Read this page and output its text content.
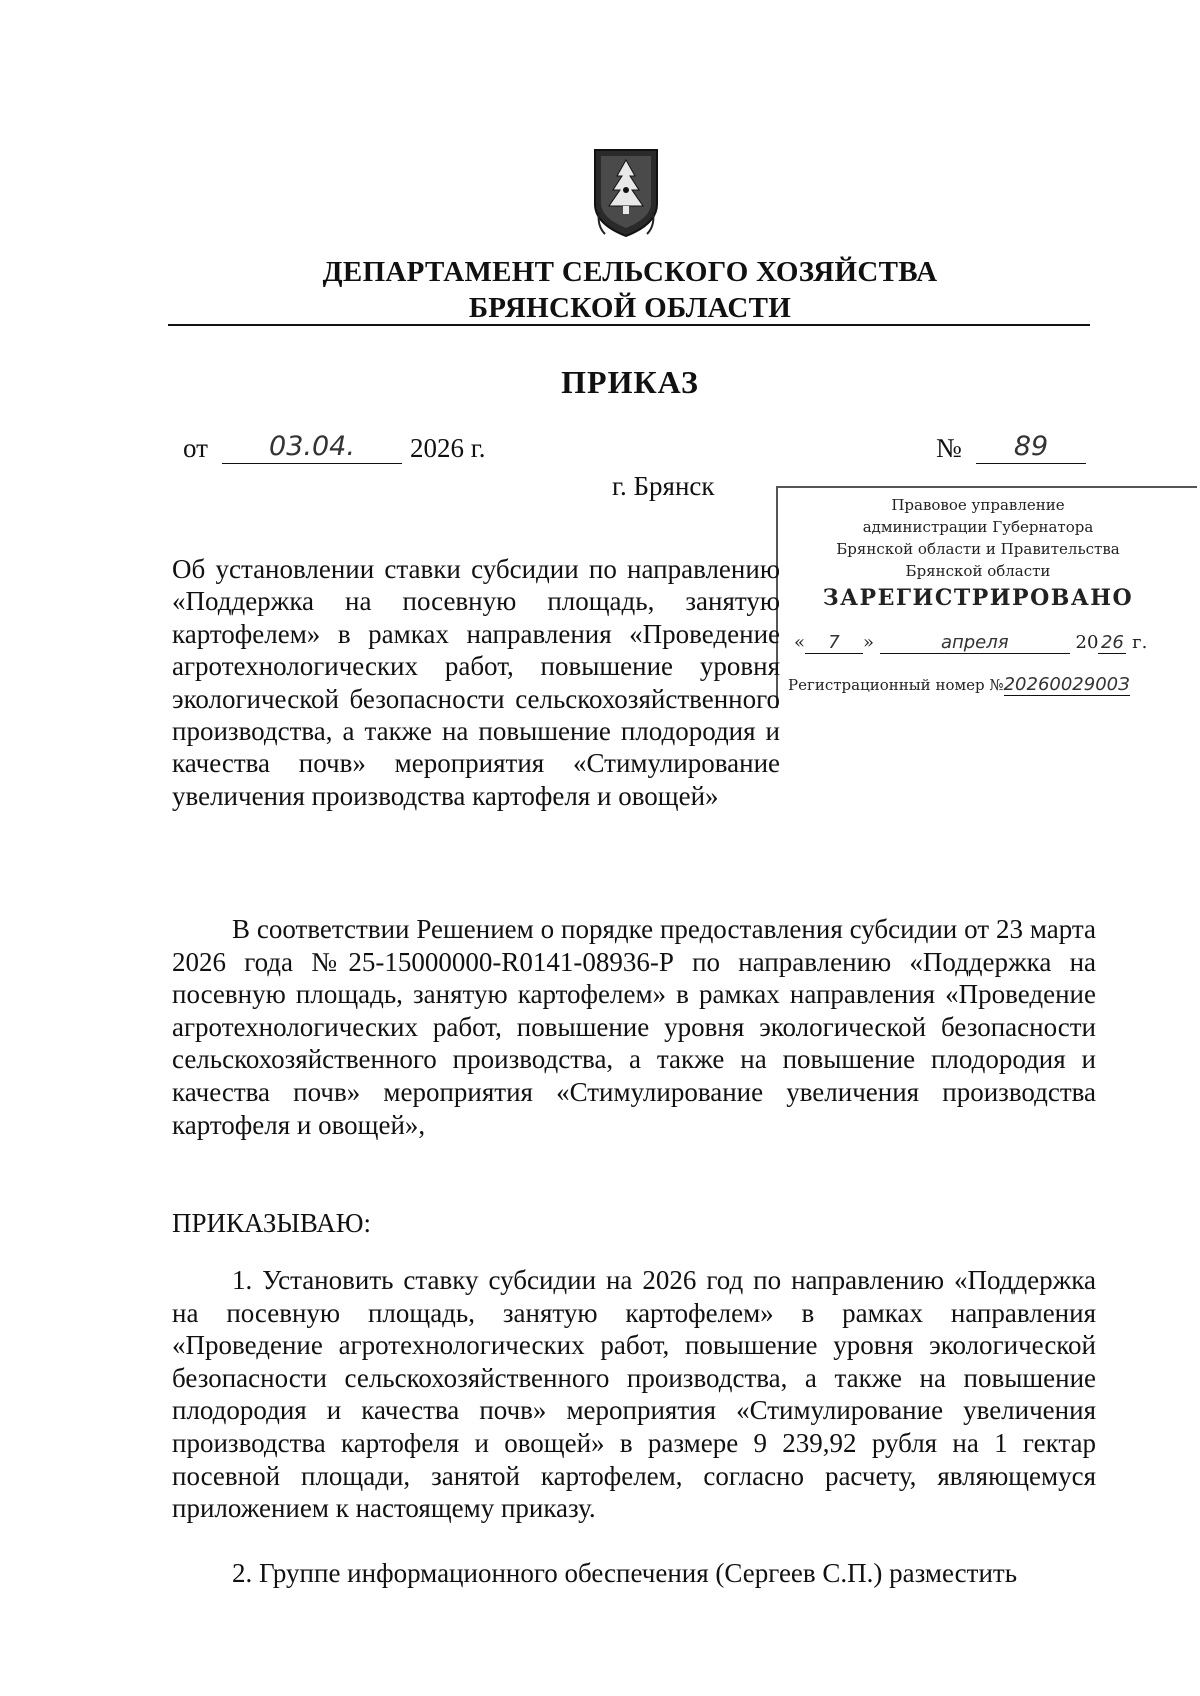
ДЕПАРТАМЕНТ СЕЛЬСКОГО ХОЗЯЙСТВА
БРЯНСКОЙ ОБЛАСТИ
ПРИКАЗ
от	03.04.	2026 г.	№	89
г. Брянск
Правовое управление
администрации Губернатора
Брянской области и Правительства
Брянской области
ЗАРЕГИСТРИРОВАНО
« 7 »	апреля	20 26 г.
Регистрационный номер №2026002900З
Об установлении ставки субсидии по направлению «Поддержка на посевную площадь, занятую картофелем» в рамках направления «Проведение агротехнологических работ, повышение уровня экологической безопасности сельскохозяйственного производства, а также на повышение плодородия и качества почв» мероприятия «Стимулирование увеличения производства картофеля и овощей»
В соответствии Решением о порядке предоставления субсидии от 23 марта 2026 года №25-15000000-R0141-08936-Р по направлению «Поддержка на посевную площадь, занятую картофелем» в рамках направления «Проведение агротехнологических работ, повышение уровня экологической безопасности сельскохозяйственного производства, а также на повышение плодородия и качества почв» мероприятия «Стимулирование увеличения производства картофеля и овощей»,
ПРИКАЗЫВАЮ:
1. Установить ставку субсидии на 2026 год по направлению «Поддержка на посевную площадь, занятую картофелем» в рамках направления «Проведение агротехнологических работ, повышение уровня экологической безопасности сельскохозяйственного производства, а также на повышение плодородия и качества почв» мероприятия «Стимулирование увеличения производства картофеля и овощей» в размере 9 239,92 рубля на 1 гектар посевной площади, занятой картофелем, согласно расчету, являющемуся приложением к настоящему приказу.
2. Группе информационного обеспечения (Сергеев С.П.) разместить
